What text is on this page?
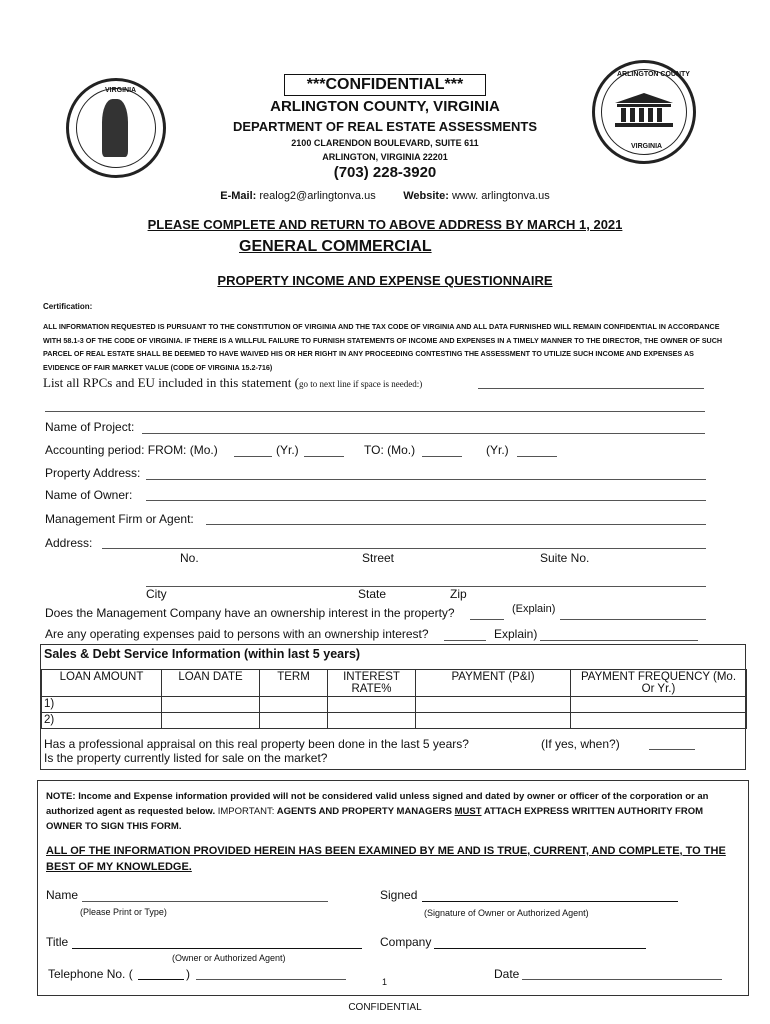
VIRGINIA
ARLINGTON COUNTY
VIRGINIA
***CONFIDENTIAL***
ARLINGTON COUNTY, VIRGINIA
DEPARTMENT OF REAL ESTATE ASSESSMENTS
2100 CLARENDON BOULEVARD, SUITE 611
ARLINGTON, VIRGINIA 22201
(703) 228-3920
E-Mail: realog2@arlingtonva.us	Website: www. arlingtonva.us
PLEASE COMPLETE AND RETURN TO ABOVE ADDRESS BY MARCH 1, 2021
GENERAL COMMERCIAL
PROPERTY INCOME AND EXPENSE QUESTIONNAIRE
Certification:
ALL INFORMATION REQUESTED IS PURSUANT TO THE CONSTITUTION OF VIRGINIA AND THE TAX CODE OF VIRGINIA AND ALL DATA FURNISHED WILL REMAIN CONFIDENTIAL IN ACCORDANCE WITH 58.1-3 OF THE CODE OF VIRGINIA. IF THERE IS A WILLFUL FAILURE TO FURNISH STATEMENTS OF INCOME AND EXPENSES IN A TIMELY MANNER TO THE DIRECTOR, THE OWNER OF SUCH PARCEL OF REAL ESTATE SHALL BE DEEMED TO HAVE WAIVED HIS OR HER RIGHT IN ANY PROCEEDING CONTESTING THE ASSESSMENT TO UTILIZE SUCH INCOME AND EXPENSES AS EVIDENCE OF FAIR MARKET VALUE (CODE OF VIRGINIA 15.2-716)
List all RPCs and EU included in this statement (go to next line if space is needed:)
Name of Project:
Accounting period: FROM: (Mo.)	(Yr.)	TO: (Mo.)	(Yr.)
Property Address:
Name of Owner:
Management Firm or Agent:
Address:
No.	Street	Suite No.
City	State	Zip
Does the Management Company have an ownership interest in the property?	(Explain)
Are any operating expenses paid to persons with an ownership interest?	Explain)
Sales & Debt Service Information (within last 5 years)
LOAN AMOUNT	LOAN DATE	TERM	INTEREST RATE%	PAYMENT (P&I)	PAYMENT FREQUENCY (Mo. Or Yr.)
1)					
2)					
Has a professional appraisal on this real property been done in the last 5 years?	(If yes, when?)
Is the property currently listed for sale on the market?
NOTE: Income and Expense information provided will not be considered valid unless signed and dated by owner or officer of the corporation or an authorized agent as requested below. IMPORTANT: AGENTS AND PROPERTY MANAGERS MUST ATTACH EXPRESS WRITTEN AUTHORITY FROM OWNER TO SIGN THIS FORM.
ALL OF THE INFORMATION PROVIDED HEREIN HAS BEEN EXAMINED BY ME AND IS TRUE, CURRENT, AND COMPLETE, TO THE BEST OF MY KNOWLEDGE.
Name
(Please Print or Type)
Signed
(Signature of Owner or Authorized Agent)
Title
(Owner or Authorized Agent)
Company
Telephone No. (	)
1
Date
CONFIDENTIAL
